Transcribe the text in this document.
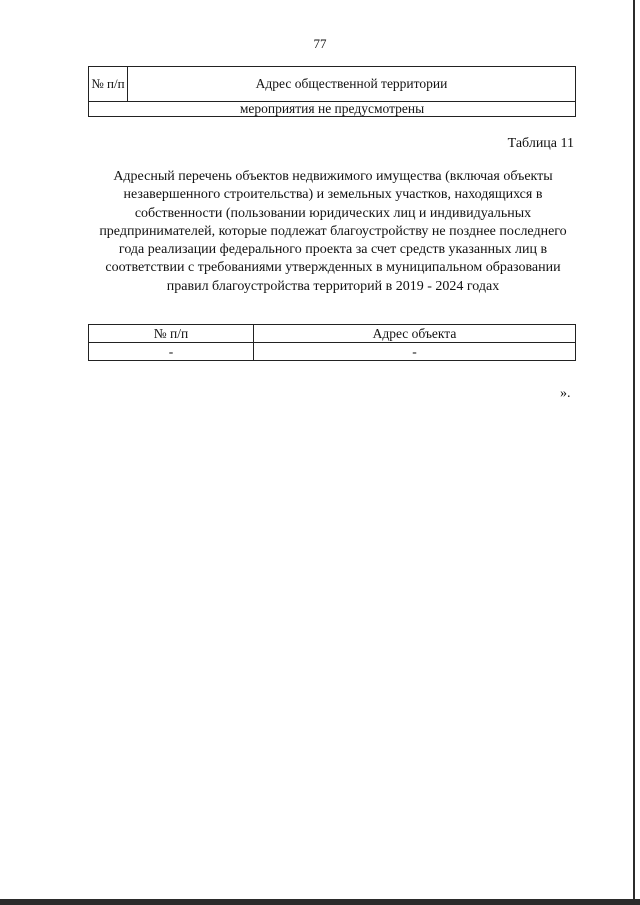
77
№ п/п	Адрес общественной территории
мероприятия не предусмотрены
Таблица 11
Адресный перечень объектов недвижимого имущества (включая объекты незавершенного строительства) и земельных участков, находящихся в собственности (пользовании юридических лиц и индивидуальных предпринимателей, которые подлежат благоустройству не позднее последнего года реализации федерального проекта за счет средств указанных лиц в соответствии с требованиями утвержденных в муниципальном образовании правил благоустройства территорий в 2019 - 2024 годах
№ п/п	Адрес объекта
-	-
».
